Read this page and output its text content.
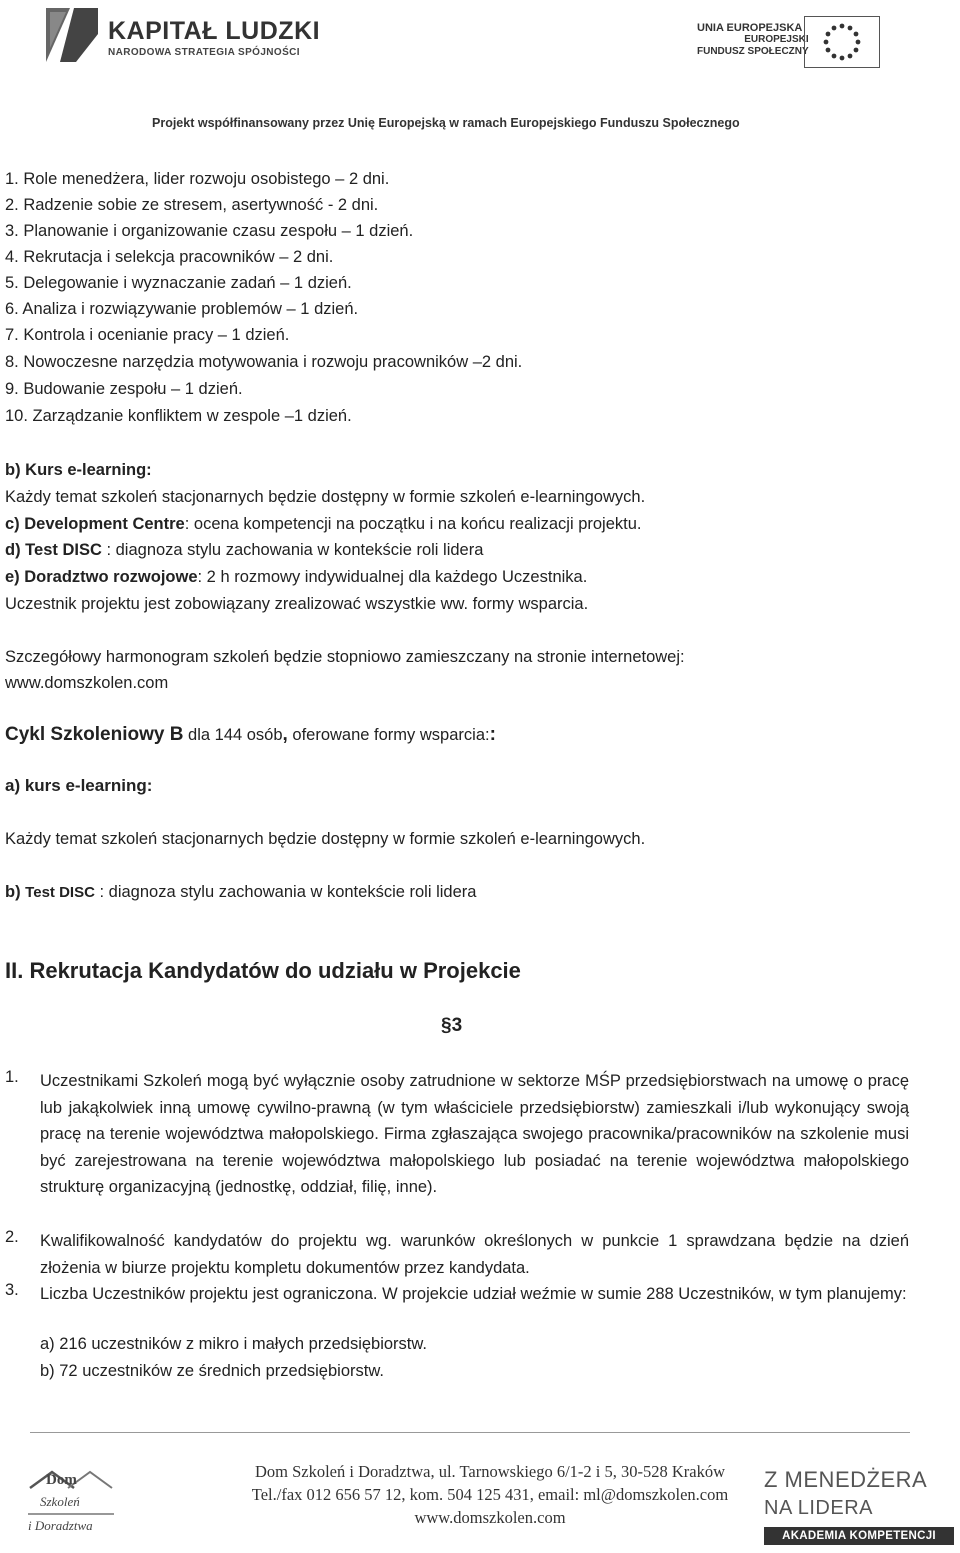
KAPITAŁ LUDZKI
NARODOWA STRATEGIA SPÓJNOŚCI
UNIA EUROPEJSKA
EUROPEJSKI
FUNDUSZ SPOŁECZNY
Projekt współfinansowany przez Unię Europejską w ramach Europejskiego Funduszu Społecznego
1. Role menedżera, lider rozwoju osobistego – 2 dni.
2. Radzenie sobie ze stresem, asertywność - 2 dni.
3. Planowanie i organizowanie czasu zespołu – 1 dzień.
4. Rekrutacja i selekcja pracowników – 2 dni.
5. Delegowanie i wyznaczanie zadań – 1 dzień.
6. Analiza i rozwiązywanie problemów – 1 dzień.
7. Kontrola i ocenianie pracy – 1 dzień.
8. Nowoczesne narzędzia motywowania i rozwoju pracowników –2 dni.
9. Budowanie zespołu – 1 dzień.
10. Zarządzanie konfliktem w zespole –1 dzień.
b) Kurs e-learning:
Każdy temat szkoleń stacjonarnych będzie dostępny w formie szkoleń e-learningowych.
c) Development Centre: ocena kompetencji na początku i na końcu realizacji projektu.
d) Test DISC : diagnoza stylu zachowania w kontekście roli lidera
e) Doradztwo rozwojowe: 2 h rozmowy indywidualnej dla każdego Uczestnika.
Uczestnik projektu jest zobowiązany zrealizować wszystkie ww. formy wsparcia.
Szczegółowy harmonogram szkoleń będzie stopniowo zamieszczany na stronie internetowej:
www.domszkolen.com
Cykl Szkoleniowy B dla 144 osób, oferowane formy wsparcia::
a) kurs e-learning:
Każdy temat szkoleń stacjonarnych będzie dostępny w formie szkoleń e-learningowych.
b) Test DISC : diagnoza stylu zachowania w kontekście roli lidera
II. Rekrutacja Kandydatów do udziału w Projekcie
§3
1. Uczestnikami Szkoleń mogą być wyłącznie osoby zatrudnione w sektorze MŚP przedsiębiorstwach na umowę o pracę lub jakąkolwiek inną umowę cywilno-prawną (w tym właściciele przedsiębiorstw) zamieszkali i/lub wykonujący swoją pracę na terenie województwa małopolskiego. Firma zgłaszająca swojego pracownika/pracowników na szkolenie musi być zarejestrowana na terenie województwa małopolskiego lub posiadać na terenie województwa małopolskiego strukturę organizacyjną (jednostkę, oddział, filię, inne).
2. Kwalifikowalność kandydatów do projektu wg. warunków określonych w punkcie 1 sprawdzana będzie na dzień złożenia w biurze projektu kompletu dokumentów przez kandydata.
3. Liczba Uczestników projektu jest ograniczona. W projekcie udział weźmie w sumie 288 Uczestników, w tym planujemy:
a) 216 uczestników z mikro i małych przedsiębiorstw.
b) 72 uczestników ze średnich przedsiębiorstw.
Dom
Szkoleń
i Doradztwa
Dom Szkoleń i Doradztwa, ul. Tarnowskiego 6/1-2 i 5, 30-528 Kraków
Tel./fax 012 656 57 12, kom. 504 125 431, email: ml@domszkolen.com
www.domszkolen.com
Z MENEDŻERA
NA LIDERA
AKADEMIA KOMPETENCJI
